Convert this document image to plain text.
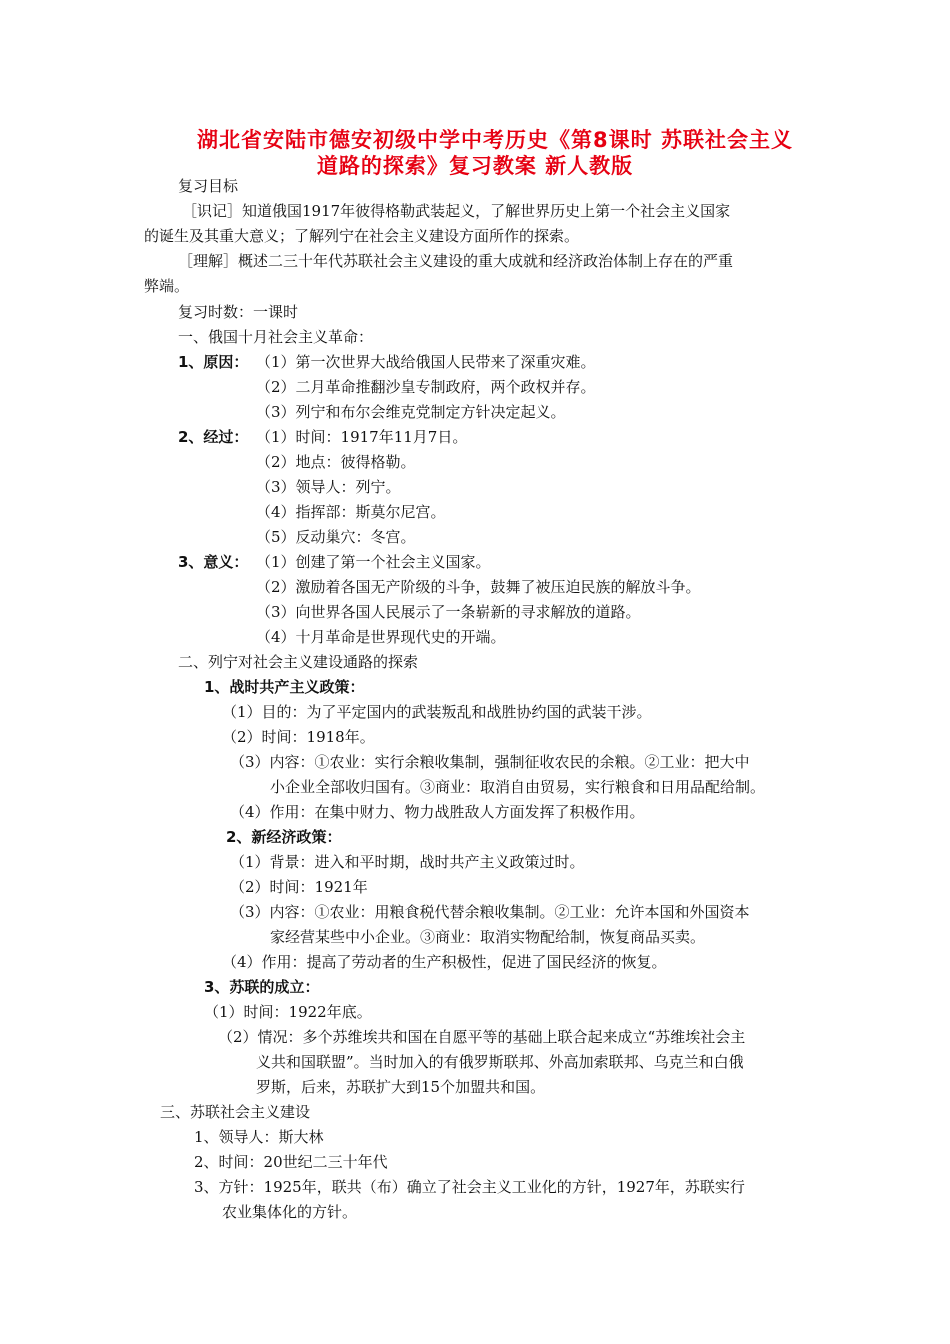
湖北省安陆市德安初级中学中考历史《第8课时 苏联社会主义
道路的探索》复习教案 新人教版
复习目标
［识记］知道俄国1917年彼得格勒武装起义，了解世界历史上第一个社会主义国家
的诞生及其重大意义；了解列宁在社会主义建设方面所作的探索。
［理解］概述二三十年代苏联社会主义建设的重大成就和经济政治体制上存在的严重
弊端。
复习时数：一课时
一、俄国十月社会主义革命：
1、原因： （1）第一次世界大战给俄国人民带来了深重灾难。
（2）二月革命推翻沙皇专制政府，两个政权并存。
（3）列宁和布尔会维克党制定方针决定起义。
2、经过： （1）时间：1917年11月7日。
（2）地点：彼得格勒。
（3）领导人：列宁。
（4）指挥部：斯莫尔尼宫。
（5）反动巢穴：冬宫。
3、意义： （1）创建了第一个社会主义国家。
（2）激励着各国无产阶级的斗争，鼓舞了被压迫民族的解放斗争。
（3）向世界各国人民展示了一条崭新的寻求解放的道路。
（4）十月革命是世界现代史的开端。
二、列宁对社会主义建设通路的探索
1、战时共产主义政策：
（1）目的：为了平定国内的武装叛乱和战胜协约国的武装干涉。
（2）时间：1918年。
（3）内容：①农业：实行余粮收集制，强制征收农民的余粮。②工业：把大中
小企业全部收归国有。③商业：取消自由贸易，实行粮食和日用品配给制。
（4）作用：在集中财力、物力战胜敌人方面发挥了积极作用。
2、新经济政策：
（1）背景：进入和平时期，战时共产主义政策过时。
（2）时间：1921年
（3）内容：①农业：用粮食税代替余粮收集制。②工业：允许本国和外国资本
家经营某些中小企业。③商业：取消实物配给制，恢复商品买卖。
（4）作用：提高了劳动者的生产积极性，促进了国民经济的恢复。
3、苏联的成立：
（1）时间：1922年底。
（2）情况：多个苏维埃共和国在自愿平等的基础上联合起来成立“苏维埃社会主
义共和国联盟”。当时加入的有俄罗斯联邦、外高加索联邦、乌克兰和白俄
罗斯，后来，苏联扩大到15个加盟共和国。
三、苏联社会主义建设
1、领导人：斯大林
2、时间：20世纪二三十年代
3、方针：1925年，联共（布）确立了社会主义工业化的方针，1927年，苏联实行
农业集体化的方针。
